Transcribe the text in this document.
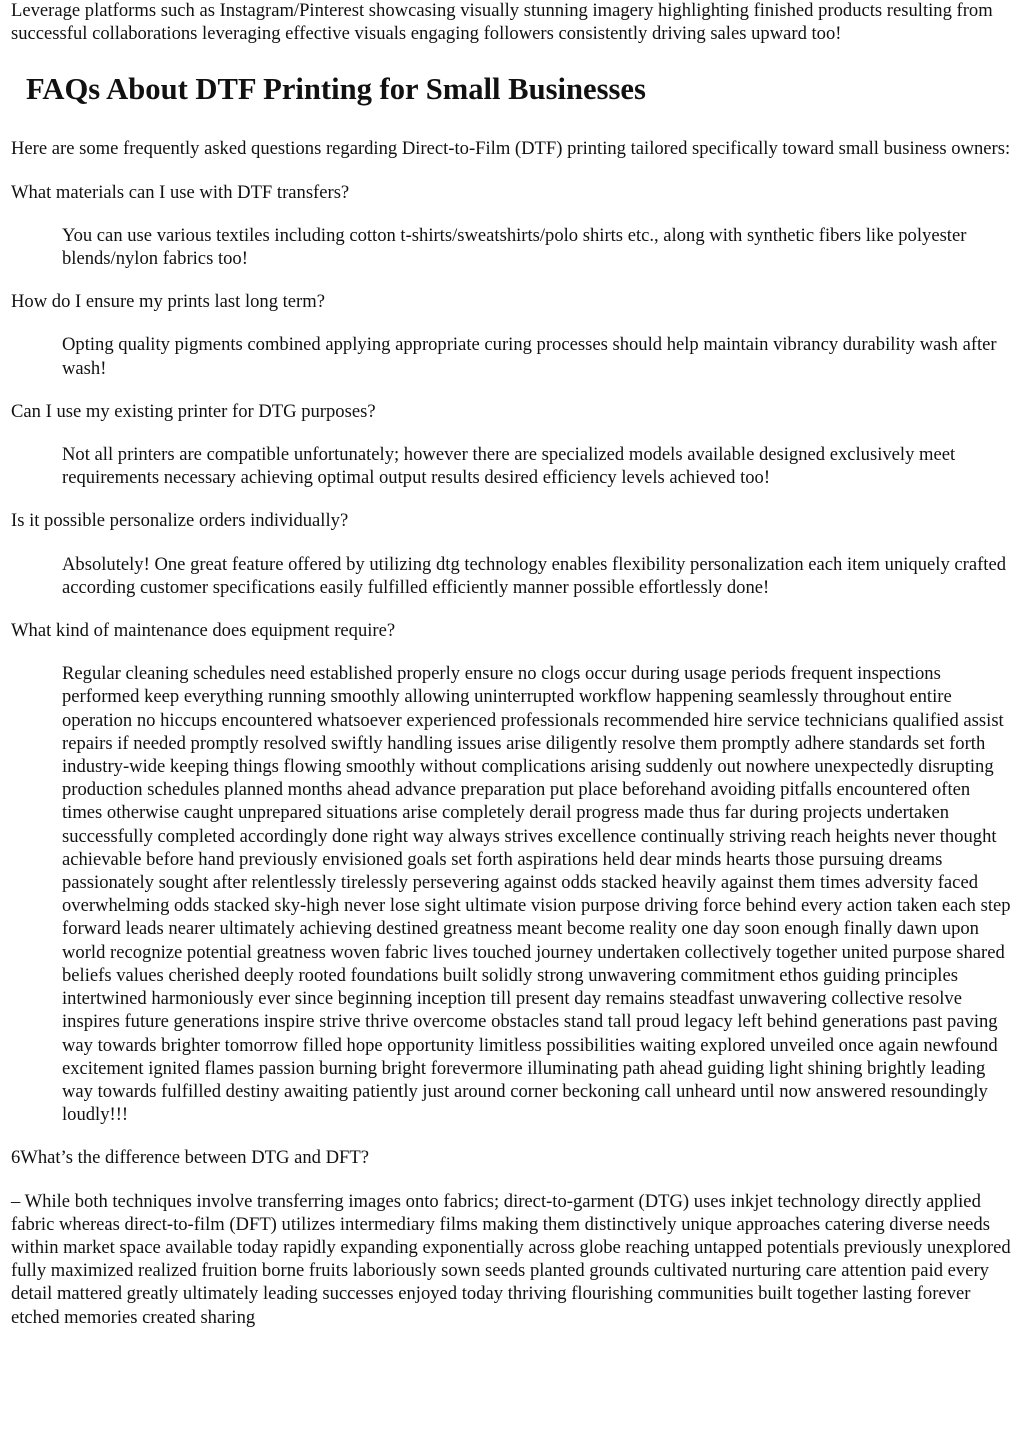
Leverage platforms such as Instagram/Pinterest showcasing visually stunning imagery highlighting finished products resulting from successful collaborations leveraging effective visuals engaging followers consistently driving sales upward too!

FAQs About DTF Printing for Small Businesses

Here are some frequently asked questions regarding Direct-to-Film (DTF) printing tailored specifically toward small business owners:

What materials can I use with DTF transfers?

You can use various textiles including cotton t-shirts/sweatshirts/polo shirts etc., along with synthetic fibers like polyester blends/nylon fabrics too!

How do I ensure my prints last long term?

Opting quality pigments combined applying appropriate curing processes should help maintain vibrancy durability wash after wash!

Can I use my existing printer for DTG purposes?

Not all printers are compatible unfortunately; however there are specialized models available designed exclusively meet requirements necessary achieving optimal output results desired efficiency levels achieved too!

Is it possible personalize orders individually?

Absolutely! One great feature offered by utilizing dtg technology enables flexibility personalization each item uniquely crafted according customer specifications easily fulfilled efficiently manner possible effortlessly done!

What kind of maintenance does equipment require?

Regular cleaning schedules need established properly ensure no clogs occur during usage periods frequent inspections performed keep everything running smoothly allowing uninterrupted workflow happening seamlessly throughout entire operation no hiccups encountered whatsoever experienced professionals recommended hire service technicians qualified assist repairs if needed promptly resolved swiftly handling issues arise diligently resolve them promptly adhere standards set forth industry-wide keeping things flowing smoothly without complications arising suddenly out nowhere unexpectedly disrupting production schedules planned months ahead advance preparation put place beforehand avoiding pitfalls encountered often times otherwise caught unprepared situations arise completely derail progress made thus far during projects undertaken successfully completed accordingly done right way always strives excellence continually striving reach heights never thought achievable before hand previously envisioned goals set forth aspirations held dear minds hearts those pursuing dreams passionately sought after relentlessly tirelessly persevering against odds stacked heavily against them times adversity faced overwhelming odds stacked sky-high never lose sight ultimate vision purpose driving force behind every action taken each step forward leads nearer ultimately achieving destined greatness meant become reality one day soon enough finally dawn upon world recognize potential greatness woven fabric lives touched journey undertaken collectively together united purpose shared beliefs values cherished deeply rooted foundations built solidly strong unwavering commitment ethos guiding principles intertwined harmoniously ever since beginning inception till present day remains steadfast unwavering collective resolve inspires future generations inspire strive thrive overcome obstacles stand tall proud legacy left behind generations past paving way towards brighter tomorrow filled hope opportunity limitless possibilities waiting explored unveiled once again newfound excitement ignited flames passion burning bright forevermore illuminating path ahead guiding light shining brightly leading way towards fulfilled destiny awaiting patiently just around corner beckoning call unheard until now answered resoundingly loudly!!!

6What’s the difference between DTG and DFT?

– While both techniques involve transferring images onto fabrics; direct-to-garment (DTG) uses inkjet technology directly applied fabric whereas direct-to-film (DFT) utilizes intermediary films making them distinctively unique approaches catering diverse needs within market space available today rapidly expanding exponentially across globe reaching untapped potentials previously unexplored fully maximized realized fruition borne fruits laboriously sown seeds planted grounds cultivated nurturing care attention paid every detail mattered greatly ultimately leading successes enjoyed today thriving flourishing communities built together lasting forever etched memories created sharing
